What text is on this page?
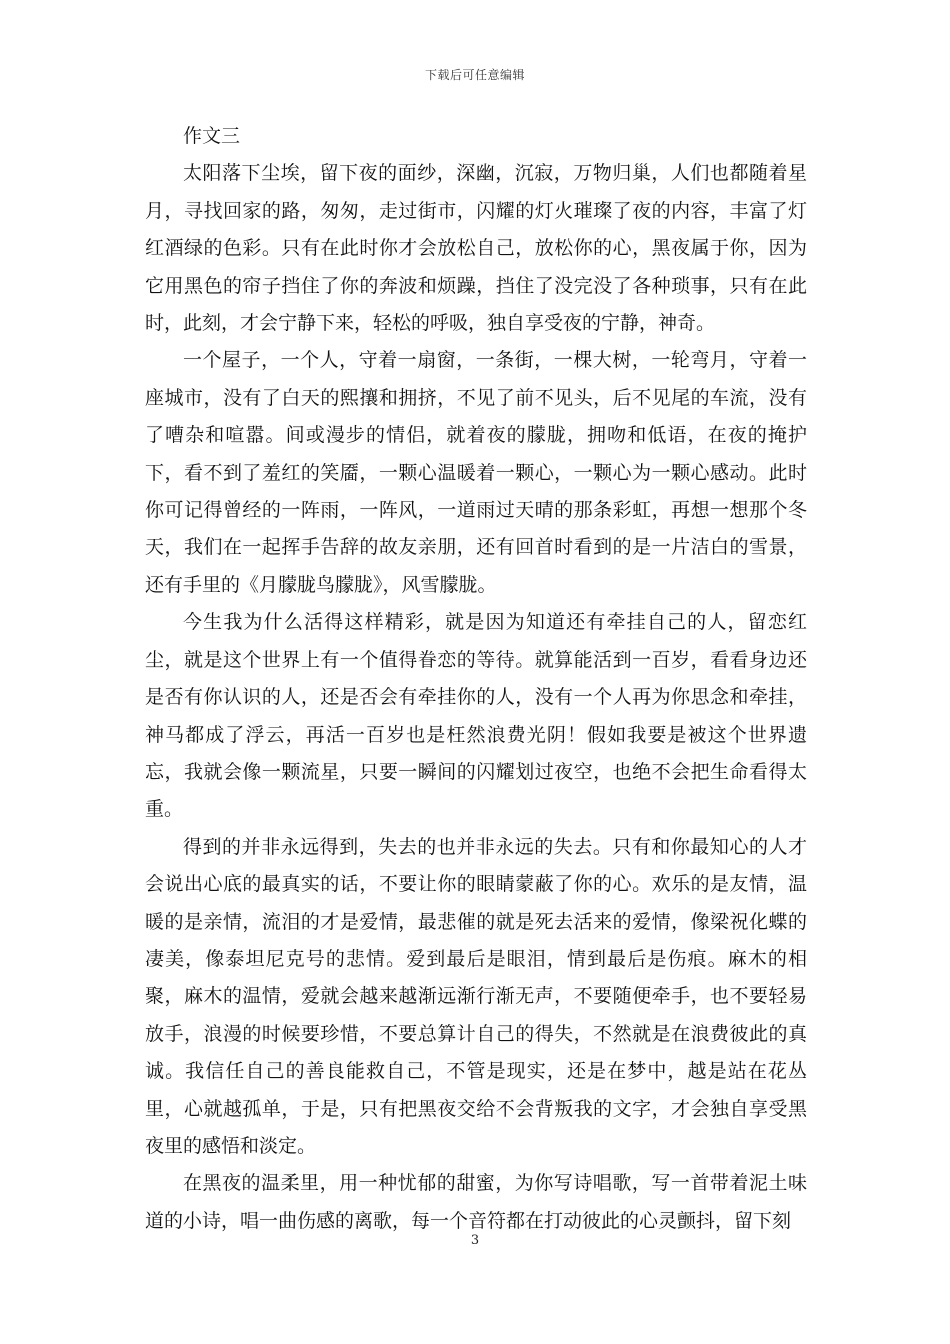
下载后可任意编辑

作文三

太阳落下尘埃，留下夜的面纱，深幽，沉寂，万物归巢，人们也都随着星月，寻找回家的路，匆匆，走过街市，闪耀的灯火璀璨了夜的内容，丰富了灯红酒绿的色彩。只有在此时你才会放松自己，放松你的心，黑夜属于你，因为它用黑色的帘子挡住了你的奔波和烦躁，挡住了没完没了各种琐事，只有在此时，此刻，才会宁静下来，轻松的呼吸，独自享受夜的宁静，神奇。

一个屋子，一个人，守着一扇窗，一条街，一棵大树，一轮弯月，守着一座城市，没有了白天的熙攘和拥挤，不见了前不见头，后不见尾的车流，没有了嘈杂和喧嚣。间或漫步的情侣，就着夜的朦胧，拥吻和低语，在夜的掩护下，看不到了羞红的笑靥，一颗心温暖着一颗心，一颗心为一颗心感动。此时你可记得曾经的一阵雨，一阵风，一道雨过天晴的那条彩虹，再想一想那个冬天，我们在一起挥手告辞的故友亲朋，还有回首时看到的是一片洁白的雪景，还有手里的《月朦胧鸟朦胧》，风雪朦胧。

今生我为什么活得这样精彩，就是因为知道还有牵挂自己的人，留恋红尘，就是这个世界上有一个值得眷恋的等待。就算能活到一百岁，看看身边还是否有你认识的人，还是否会有牵挂你的人，没有一个人再为你思念和牵挂，神马都成了浮云，再活一百岁也是枉然浪费光阴！假如我要是被这个世界遗忘，我就会像一颗流星，只要一瞬间的闪耀划过夜空，也绝不会把生命看得太重。

得到的并非永远得到，失去的也并非永远的失去。只有和你最知心的人才会说出心底的最真实的话，不要让你的眼睛蒙蔽了你的心。欢乐的是友情，温暖的是亲情，流泪的才是爱情，最悲催的就是死去活来的爱情，像梁祝化蝶的凄美，像泰坦尼克号的悲情。爱到最后是眼泪，情到最后是伤痕。麻木的相聚，麻木的温情，爱就会越来越渐远渐行渐无声，不要随便牵手，也不要轻易放手，浪漫的时候要珍惜，不要总算计自己的得失，不然就是在浪费彼此的真诚。我信任自己的善良能救自己，不管是现实，还是在梦中，越是站在花丛里，心就越孤单，于是，只有把黑夜交给不会背叛我的文字，才会独自享受黑夜里的感悟和淡定。

在黑夜的温柔里，用一种忧郁的甜蜜，为你写诗唱歌，写一首带着泥土味道的小诗，唱一曲伤感的离歌，每一个音符都在打动彼此的心灵颤抖，留下刻

3
